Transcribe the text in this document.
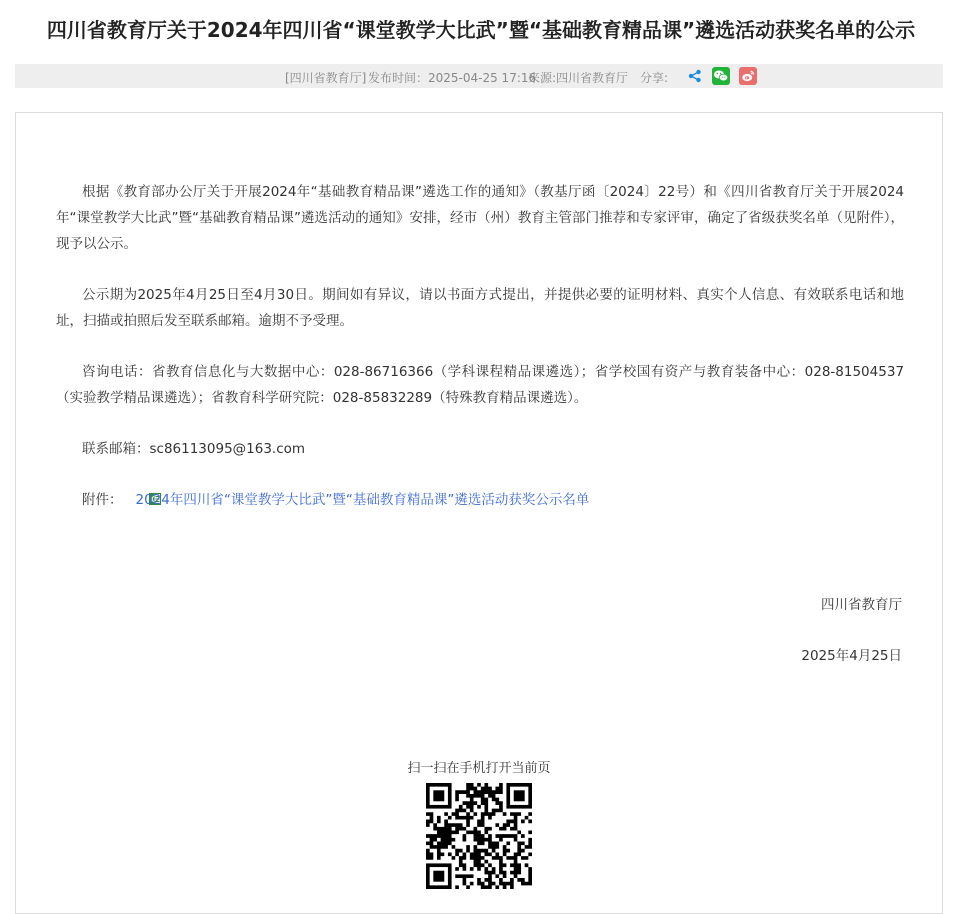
四川省教育厅关于2024年四川省“课堂教学大比武”暨“基础教育精品课”遴选活动获奖名单的公示
[四川省教育厅] 发布时间：2025-04-25 17:16
来源:四川省教育厅 分享:
根据《教育部办公厅关于开展2024年“基础教育精品课”遴选工作的通知》（教基厅函〔2024〕22号）和《四川省教育厅关于开展2024年“课堂教学大比武”暨“基础教育精品课”遴选活动的通知》安排，经市（州）教育主管部门推荐和专家评审，确定了省级获奖名单（见附件），现予以公示。
公示期为2025年4月25日至4月30日。期间如有异议，请以书面方式提出，并提供必要的证明材料、真实个人信息、有效联系电话和地址，扫描或拍照后发至联系邮箱。逾期不予受理。
咨询电话：省教育信息化与大数据中心：028-86716366（学科课程精品课遴选）；省学校国有资产与教育装备中心：028-81504537（实验教学精品课遴选）；省教育科学研究院：028-85832289（特殊教育精品课遴选）。
联系邮箱：sc86113095@163.com
附件： 2024年四川省“课堂教学大比武”暨“基础教育精品课”遴选活动获奖公示名单
四川省教育厅
2025年4月25日
扫一扫在手机打开当前页
